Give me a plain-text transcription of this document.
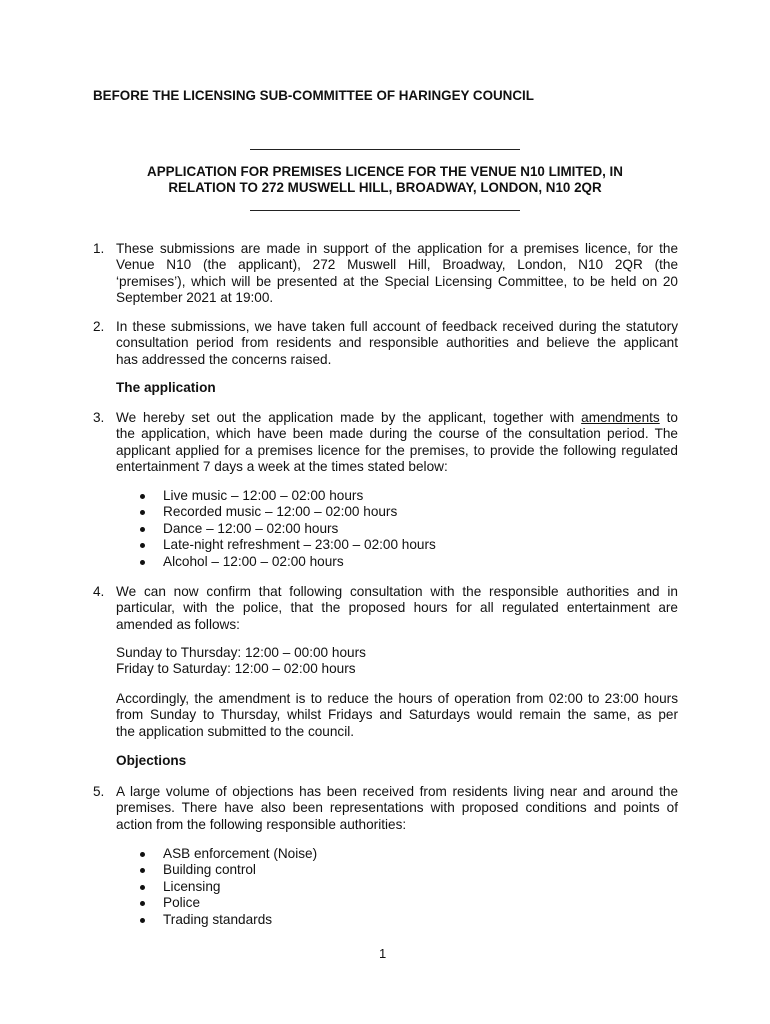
BEFORE THE LICENSING SUB-COMMITTEE OF HARINGEY COUNCIL
APPLICATION FOR PREMISES LICENCE FOR THE VENUE N10 LIMITED, IN
RELATION TO 272 MUSWELL HILL, BROADWAY, LONDON, N10 2QR
1. These submissions are made in support of the application for a premises licence, for the
Venue N10 (the applicant), 272 Muswell Hill, Broadway, London, N10 2QR (the
‘premises’), which will be presented at the Special Licensing Committee, to be held on 20
September 2021 at 19:00.
2. In these submissions, we have taken full account of feedback received during the statutory
consultation period from residents and responsible authorities and believe the applicant
has addressed the concerns raised.
The application
3. We hereby set out the application made by the applicant, together with amendments to
the application, which have been made during the course of the consultation period. The
applicant applied for a premises licence for the premises, to provide the following regulated
entertainment 7 days a week at the times stated below:
Live music – 12:00 – 02:00 hours
Recorded music – 12:00 – 02:00 hours
Dance – 12:00 – 02:00 hours
Late-night refreshment – 23:00 – 02:00 hours
Alcohol – 12:00 – 02:00 hours
4. We can now confirm that following consultation with the responsible authorities and in
particular, with the police, that the proposed hours for all regulated entertainment are
amended as follows:
Sunday to Thursday: 12:00 – 00:00 hours
Friday to Saturday: 12:00 – 02:00 hours
Accordingly, the amendment is to reduce the hours of operation from 02:00 to 23:00 hours
from Sunday to Thursday, whilst Fridays and Saturdays would remain the same, as per
the application submitted to the council.
Objections
5. A large volume of objections has been received from residents living near and around the
premises. There have also been representations with proposed conditions and points of
action from the following responsible authorities:
ASB enforcement (Noise)
Building control
Licensing
Police
Trading standards
1
